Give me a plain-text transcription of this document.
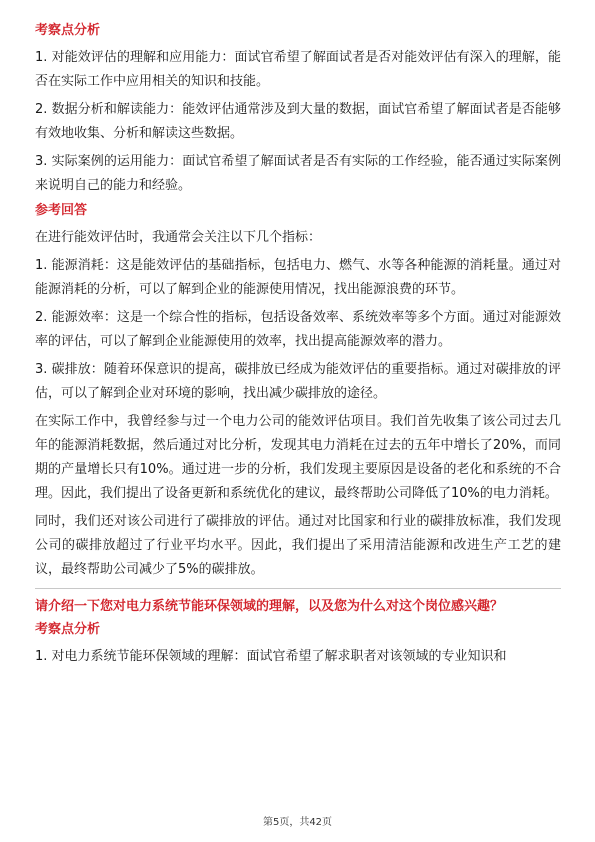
考察点分析

1. 对能效评估的理解和应用能力：面试官希望了解面试者是否对能效评估有深入的理解，能否在实际工作中应用相关的知识和技能。

2. 数据分析和解读能力：能效评估通常涉及到大量的数据，面试官希望了解面试者是否能够有效地收集、分析和解读这些数据。

3. 实际案例的运用能力：面试官希望了解面试者是否有实际的工作经验，能否通过实际案例来说明自己的能力和经验。

参考回答

在进行能效评估时，我通常会关注以下几个指标：

1. 能源消耗：这是能效评估的基础指标，包括电力、燃气、水等各种能源的消耗量。通过对能源消耗的分析，可以了解到企业的能源使用情况，找出能源浪费的环节。

2. 能源效率：这是一个综合性的指标，包括设备效率、系统效率等多个方面。通过对能源效率的评估，可以了解到企业能源使用的效率，找出提高能源效率的潜力。

3. 碳排放：随着环保意识的提高，碳排放已经成为能效评估的重要指标。通过对碳排放的评估，可以了解到企业对环境的影响，找出减少碳排放的途径。

在实际工作中，我曾经参与过一个电力公司的能效评估项目。我们首先收集了该公司过去几年的能源消耗数据，然后通过对比分析，发现其电力消耗在过去的五年中增长了20%，而同期的产量增长只有10%。通过进一步的分析，我们发现主要原因是设备的老化和系统的不合理。因此，我们提出了设备更新和系统优化的建议，最终帮助公司降低了10%的电力消耗。

同时，我们还对该公司进行了碳排放的评估。通过对比国家和行业的碳排放标准，我们发现公司的碳排放超过了行业平均水平。因此，我们提出了采用清洁能源和改进生产工艺的建议，最终帮助公司减少了5%的碳排放。

请介绍一下您对电力系统节能环保领域的理解，以及您为什么对这个岗位感兴趣？
考察点分析

1. 对电力系统节能环保领域的理解：面试官希望了解求职者对该领域的专业知识和

第5页，共42页
